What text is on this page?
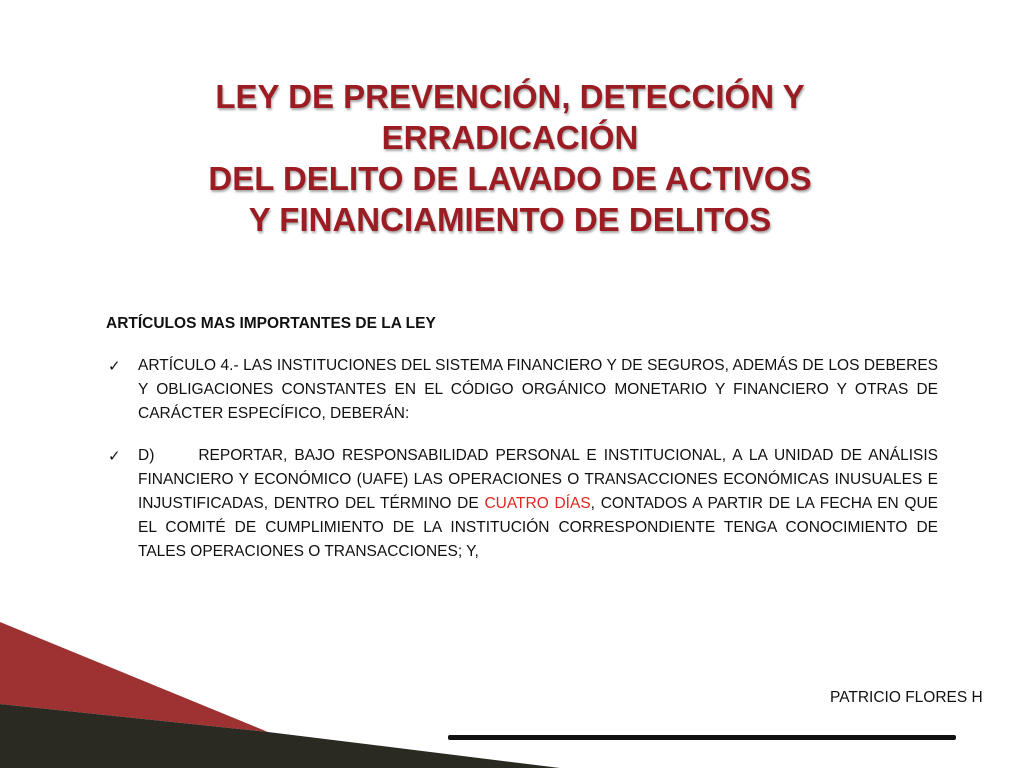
LEY DE PREVENCIÓN, DETECCIÓN Y ERRADICACIÓN
DEL DELITO DE LAVADO DE ACTIVOS
Y FINANCIAMIENTO DE DELITOS

ARTÍCULOS MAS IMPORTANTES DE LA LEY

✓ ARTÍCULO 4.- LAS INSTITUCIONES DEL SISTEMA FINANCIERO Y DE SEGUROS, ADEMÁS DE LOS DEBERES Y OBLIGACIONES CONSTANTES EN EL CÓDIGO ORGÁNICO MONETARIO Y FINANCIERO Y OTRAS DE CARÁCTER ESPECÍFICO, DEBERÁN:

✓ D)	REPORTAR, BAJO RESPONSABILIDAD PERSONAL E INSTITUCIONAL, A LA UNIDAD DE ANÁLISIS FINANCIERO Y ECONÓMICO (UAFE) LAS OPERACIONES O TRANSACCIONES ECONÓMICAS INUSUALES E INJUSTIFICADAS, DENTRO DEL TÉRMINO DE CUATRO DÍAS, CONTADOS A PARTIR DE LA FECHA EN QUE EL COMITÉ DE CUMPLIMIENTO DE LA INSTITUCIÓN CORRESPONDIENTE TENGA CONOCIMIENTO DE TALES OPERACIONES O TRANSACCIONES; Y,

PATRICIO FLORES H
